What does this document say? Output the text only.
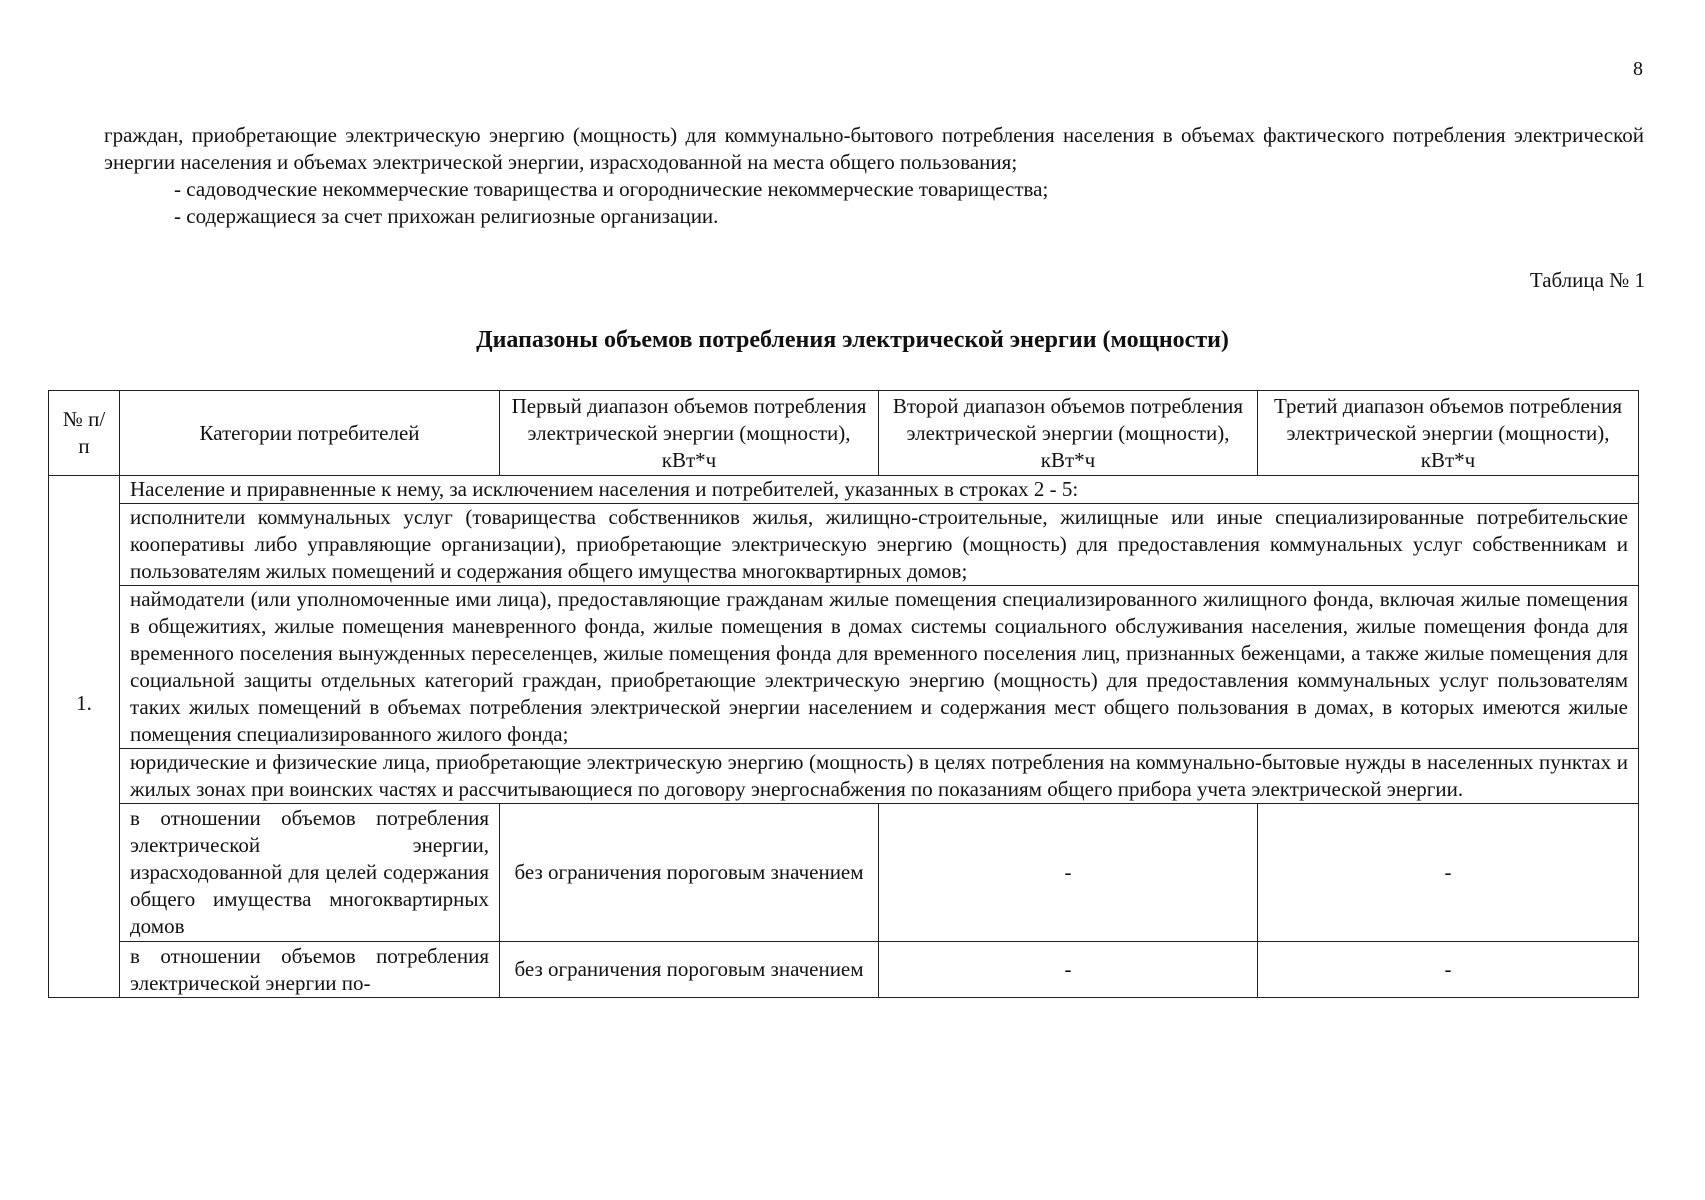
8

граждан, приобретающие электрическую энергию (мощность) для коммунально-бытового потребления населения в объемах фактического потребления электрической энергии населения и объемах электрической энергии, израсходованной на места общего пользования;

- садоводческие некоммерческие товарищества и огороднические некоммерческие товарищества;

- содержащиеся за счет прихожан религиозные организации.

Таблица № 1
Диапазоны объемов потребления электрической энергии (мощности)
№ п/п	Категории потребителей	Первый диапазон объемов потребления электрической энергии (мощности), кВт*ч	Второй диапазон объемов потребления электрической энергии (мощности), кВт*ч	Третий диапазон объемов потребления электрической энергии (мощности), кВт*ч

1.	Население и приравненные к нему, за исключением населения и потребителей, указанных в строках 2 - 5:			
	исполнители коммунальных услуг (товарищества собственников жилья, жилищно-строительные, жилищные или иные специализированные потребительские кооперативы либо управляющие организации), приобретающие электрическую энергию (мощность) для предоставления коммунальных услуг собственникам и пользователям жилых помещений и содержания общего имущества многоквартирных домов;			
	наймодатели (или уполномоченные ими лица), предоставляющие гражданам жилые помещения специализированного жилищного фонда, включая жилые помещения в общежитиях, жилые помещения маневренного фонда, жилые помещения в домах системы социального обслуживания населения, жилые помещения фонда для временного поселения вынужденных переселенцев, жилые помещения фонда для временного поселения лиц, признанных беженцами, а также жилые помещения для социальной защиты отдельных категорий граждан, приобретающие электрическую энергию (мощность) для предоставления коммунальных услуг пользователям таких жилых помещений в объемах потребления электрической энергии населением и содержания мест общего пользования в домах, в которых имеются жилые помещения специализированного жилого фонда;			
	юридические и физические лица, приобретающие электрическую энергию (мощность) в целях потребления на коммунально-бытовые нужды в населенных пунктах и жилых зонах при воинских частях и рассчитывающиеся по договору энергоснабжения по показаниям общего прибора учета электрической энергии.			
	в отношении объемов потребления электрической энергии, израсходованной для целей содержания общего имущества многоквартирных домов	без ограничения пороговым значением	-	-
	в отношении объемов потребления электрической энергии по-	без ограничения пороговым значением	-	-
